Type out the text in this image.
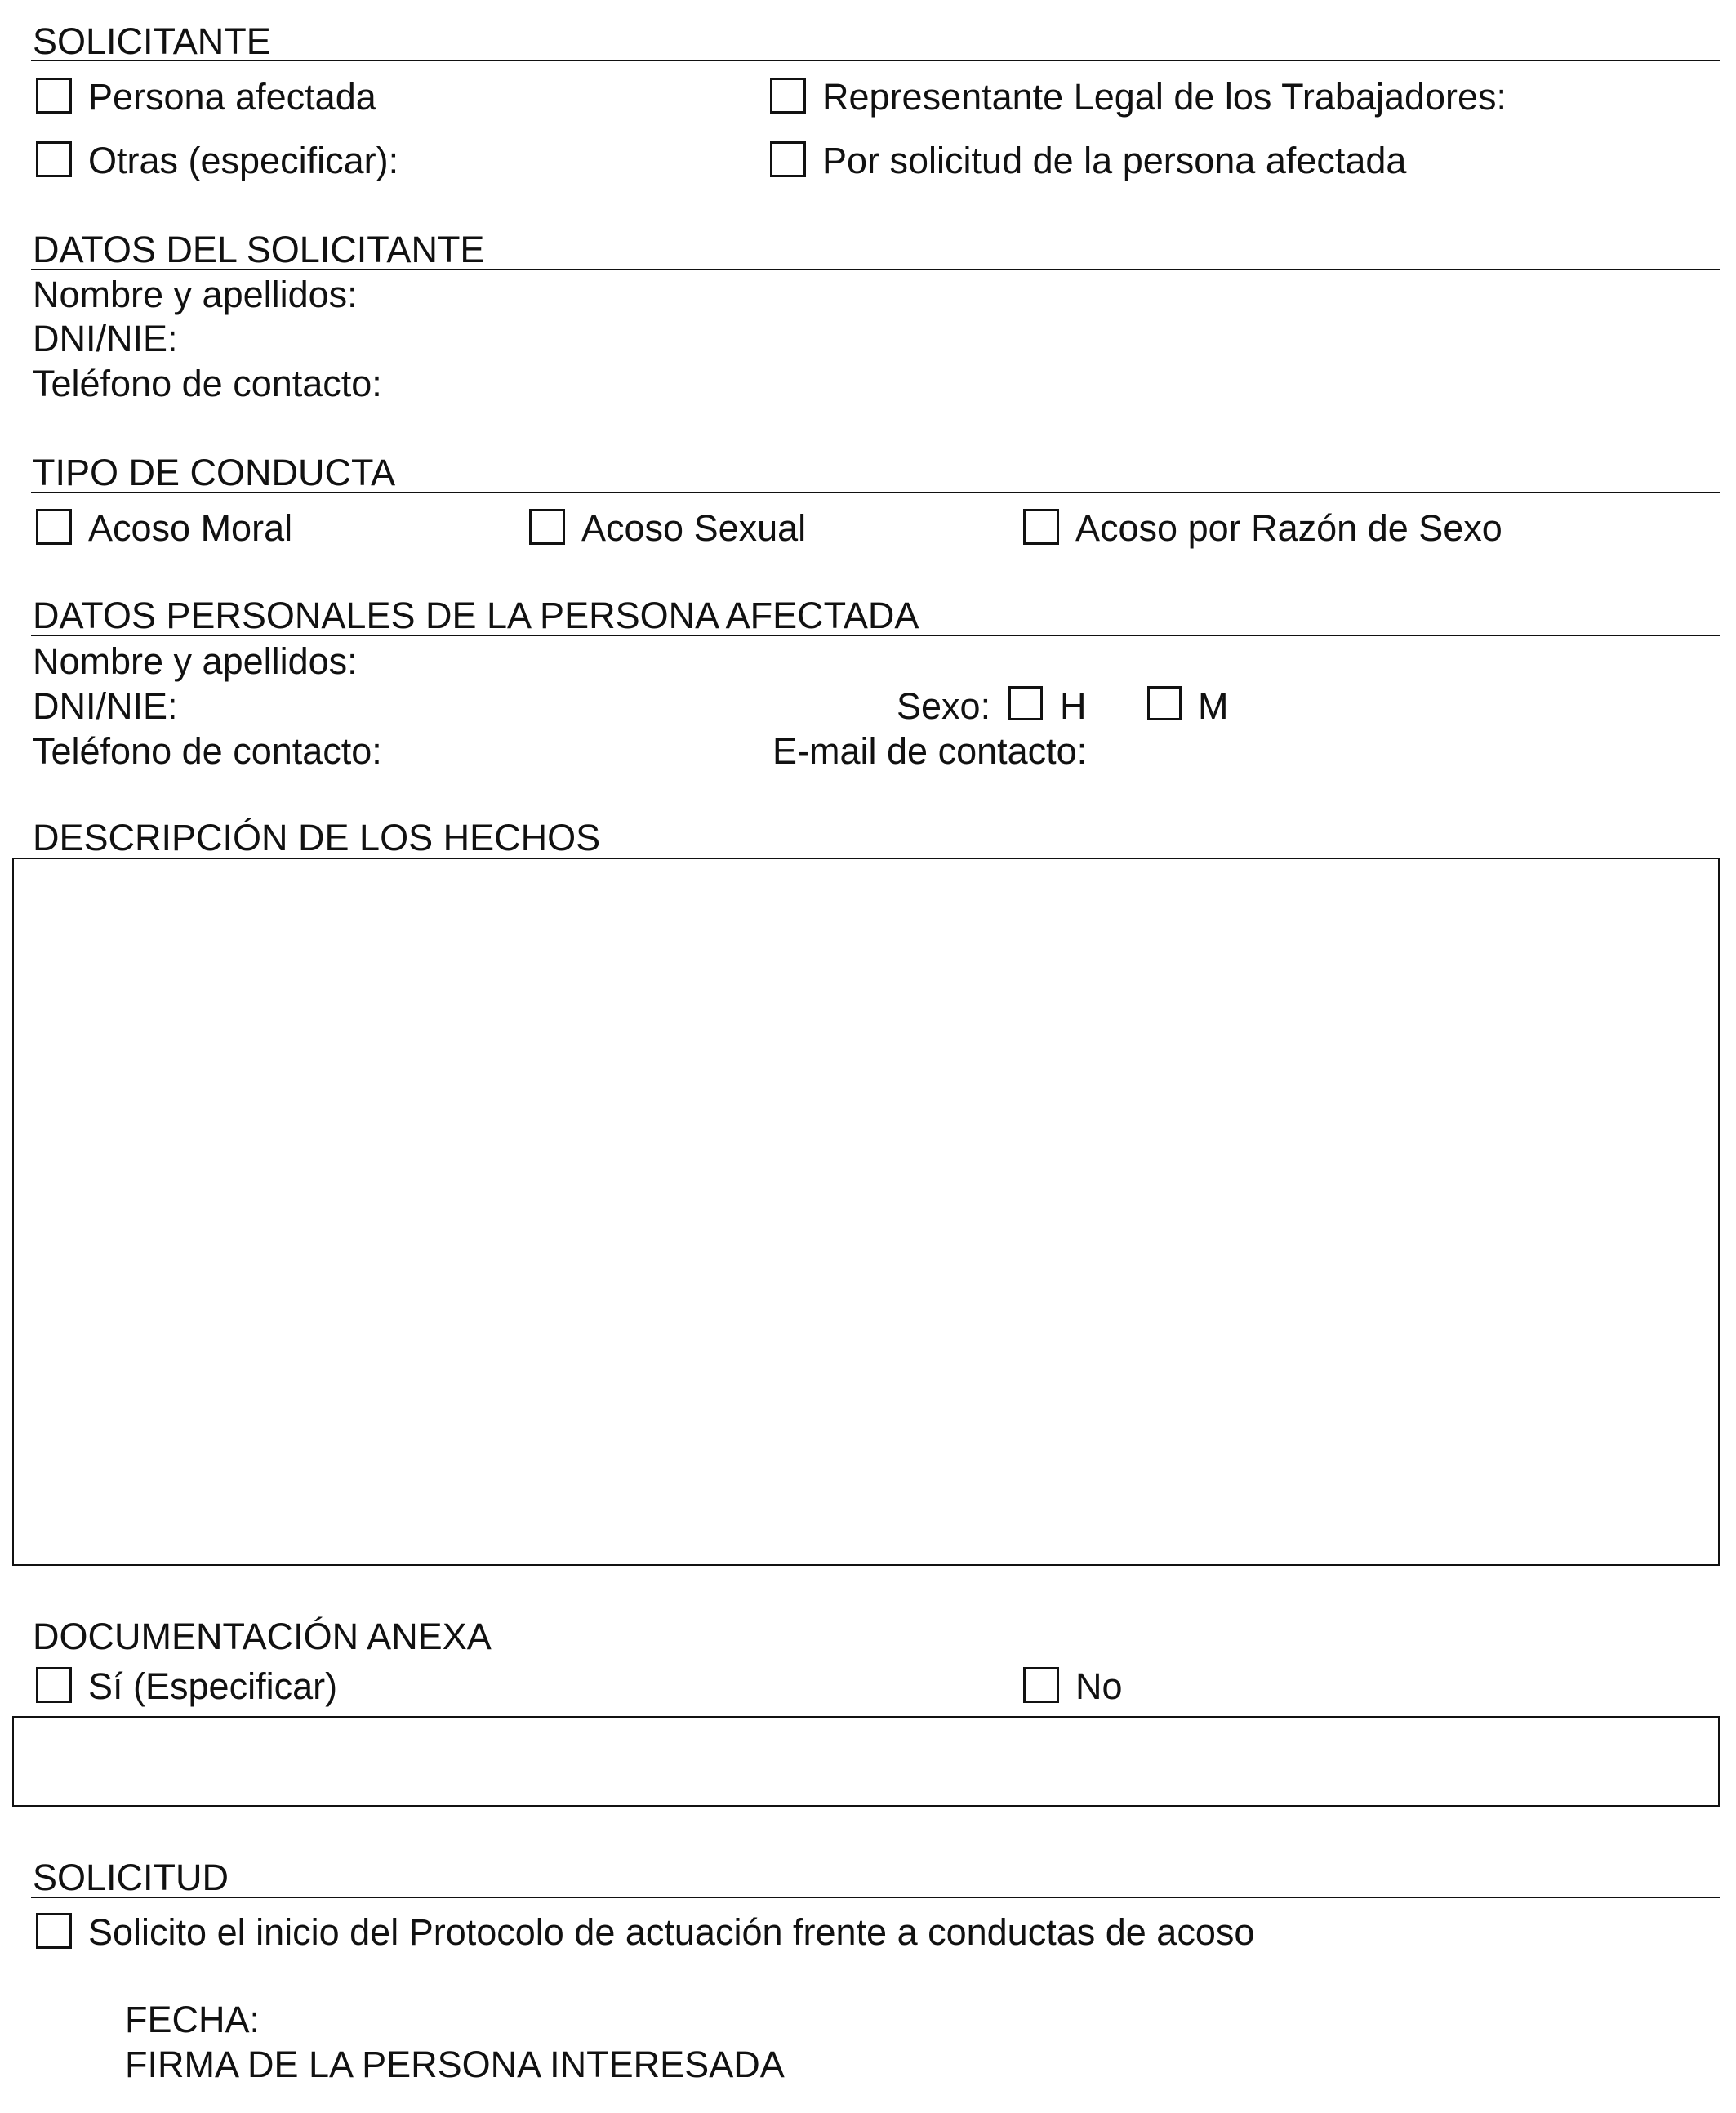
SOLICITANTE
Persona afectada	Representante Legal de los Trabajadores:
Otras (especificar):	Por solicitud de la persona afectada
DATOS DEL SOLICITANTE
Nombre y apellidos:
DNI/NIE:
Teléfono de contacto:
TIPO DE CONDUCTA
Acoso Moral	Acoso Sexual	Acoso por Razón de Sexo
DATOS PERSONALES DE LA PERSONA AFECTADA
Nombre y apellidos:
DNI/NIE:	Sexo: H	M
Teléfono de contacto:	E-mail de contacto:
DESCRIPCIÓN DE LOS HECHOS
DOCUMENTACIÓN ANEXA
Sí (Especificar)	No
SOLICITUD
Solicito el inicio del Protocolo de actuación frente a conductas de acoso
FECHA:
FIRMA DE LA PERSONA INTERESADA
